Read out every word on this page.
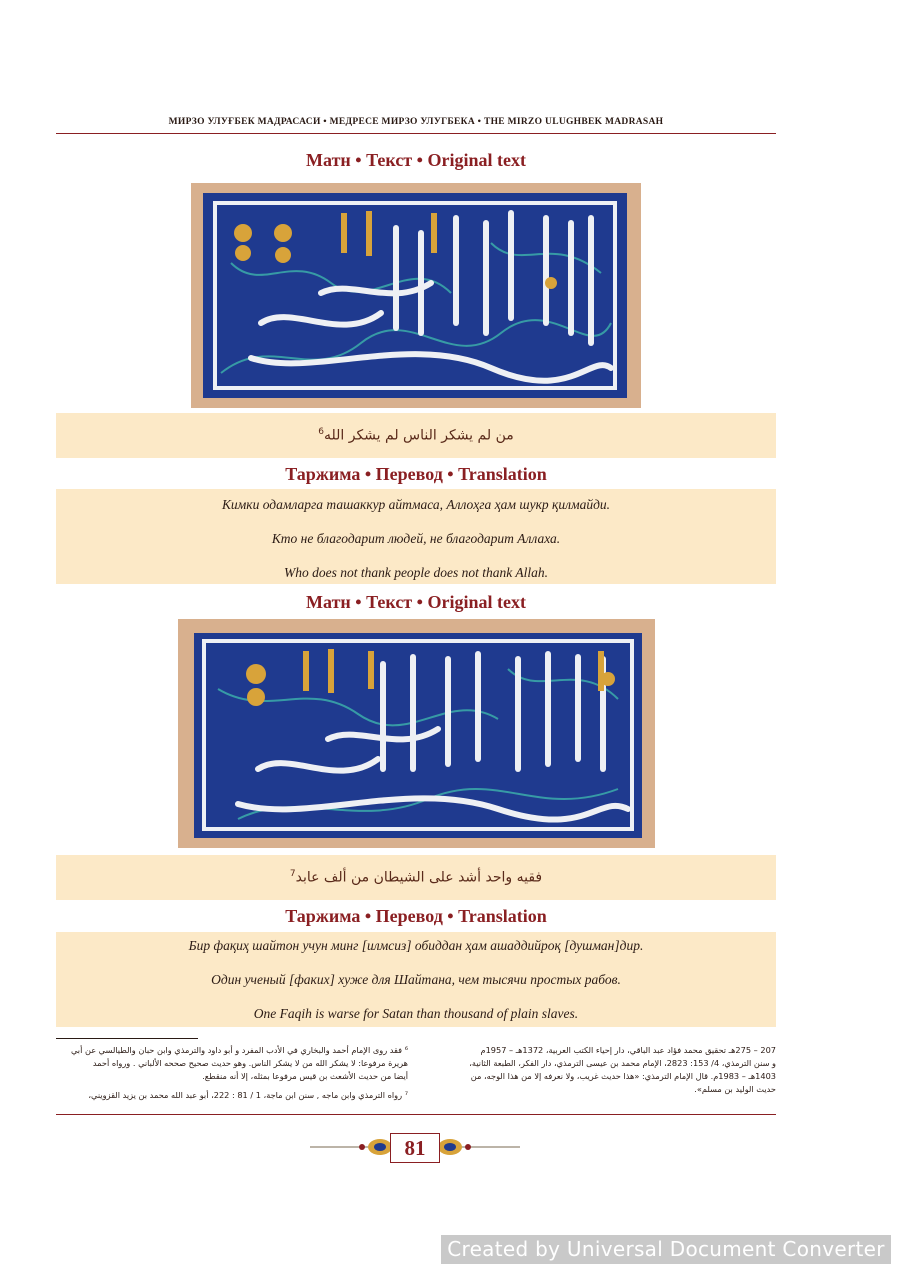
МИРЗО УЛУҒБЕК МАДРАСАСИ • МЕДРЕСЕ МИРЗО УЛУГБЕКА • THE MIRZO ULUGHBEK MADRASAH
Матн • Текст • Original text
من لم يشكر الناس لم يشكر الله$^6$
Таржима • Перевод • Translation
Кимки одамларга ташаккур айтмаса, Аллоҳга ҳам шукр қилмайди.
Кто не благодарит людей, не благодарит Аллаха.
Who does not thank people does not thank Allah.
Матн • Текст • Original text
فقيه واحد أشد على الشيطان من ألف عابد$^7$
Таржима • Перевод • Translation
Бир фақиҳ шайтон учун минг [илмсиз] обиддан ҳам ашаддийроқ [душман]дир.
Один ученый [факих] хуже для Шайтана, чем тысячи простых рабов.
One Faqih is warse for Satan than thousand of plain slaves.
⁶ فقد روى الإمام أحمد والبخاري في الأدب المفرد و أبو داود والترمذي وابن حبان والطيالسي عن أبي
هريرة مرفوعا: لا يشكر الله من لا يشكر الناس. وهو حديث صحيح صححه الألباني . ورواه أحمد
أيضا من حديث الأشعث بن قيس مرفوعا بمثله، إلا أنه منقطع.
⁷ رواه الترمذي وابن ماجه , سنن ابن ماجة، 1 / 81 : 222، أبو عبد الله محمد بن يزيد القزويني،
207 – 275هـ تحقيق محمد فؤاد عبد الباقي، دار إحياء الكتب العربية، 1372هـ – 1957م
و سنن الترمذي، 4/ 153: 2823، الإمام محمد بن عيسى الترمذي، دار الفكر، الطبعة الثانية،
1403هـ – 1983م. قال الإمام الترمذي: «هذا حديث غريب، ولا نعرفه إلا من هذا الوجه، من
حديث الوليد بن مسلم».
81
Created by Universal Document Converter
